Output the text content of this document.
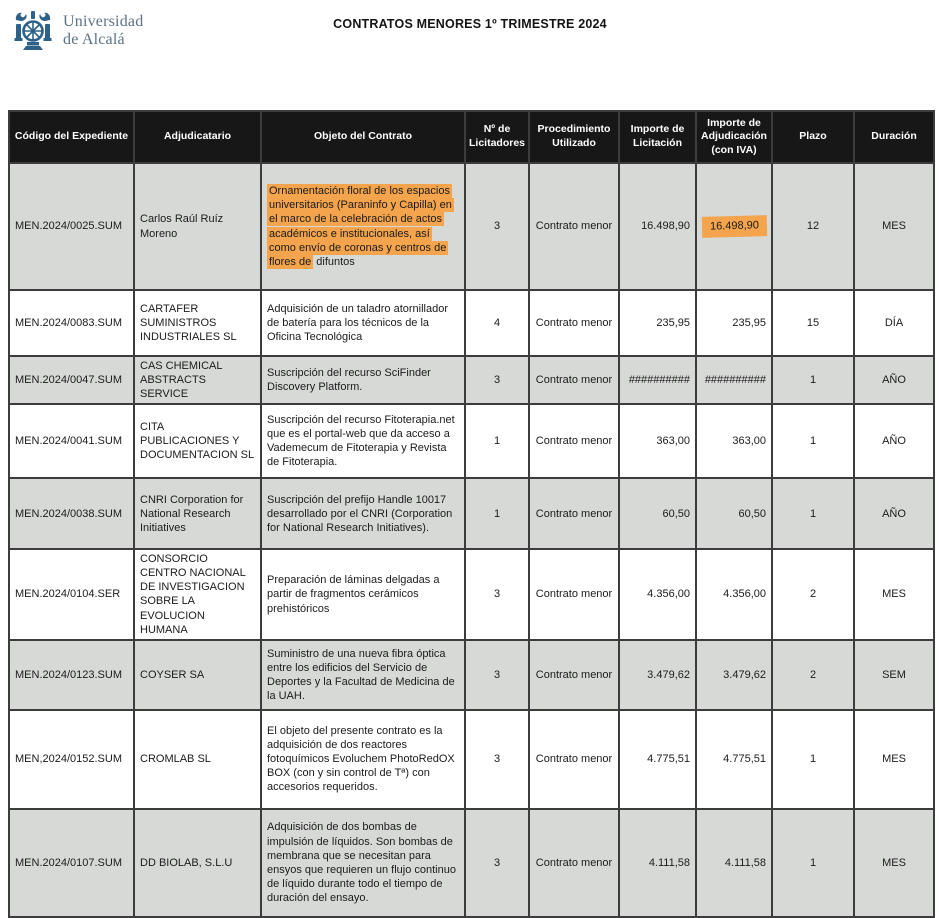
Universidad
de Alcalá
CONTRATOS MENORES 1º TRIMESTRE 2024
Código del Expediente	Adjudicatario	Objeto del Contrato	Nº de Licitadores	Procedimiento Utilizado	Importe de Licitación	Importe de Adjudicación (con IVA)	Plazo	Duración
MEN.2024/0025.SUM	Carlos Raúl Ruíz Moreno	Ornamentación floral de los espacios universitarios (Paraninfo y Capilla) en el marco de la celebración de actos académicos e institucionales, así como envío de coronas y centros de flores de difuntos	3	Contrato menor	16.498,90	16.498,90	12	MES
MEN.2024/0083.SUM	CARTAFER SUMINISTROS INDUSTRIALES SL	Adquisición de un taladro atornillador de batería para los técnicos de la Oficina Tecnológica	4	Contrato menor	235,95	235,95	15	DÍA
MEN.2024/0047.SUM	CAS CHEMICAL ABSTRACTS SERVICE	Suscripción del recurso SciFinder Discovery Platform.	3	Contrato menor	##########	##########	1	AÑO
MEN.2024/0041.SUM	CITA PUBLICACIONES Y DOCUMENTACION SL	Suscripción del recurso Fitoterapia.net que es el portal-web que da acceso a Vademecum de Fitoterapia y Revista de Fitoterapia.	1	Contrato menor	363,00	363,00	1	AÑO
MEN.2024/0038.SUM	CNRI Corporation for National Research Initiatives	Suscripción del prefijo Handle 10017 desarrollado por el CNRI (Corporation for National Research Initiatives).	1	Contrato menor	60,50	60,50	1	AÑO
MEN.2024/0104.SER	CONSORCIO CENTRO NACIONAL DE INVESTIGACION SOBRE LA EVOLUCION HUMANA	Preparación de láminas delgadas a partir de fragmentos cerámicos prehistóricos	3	Contrato menor	4.356,00	4.356,00	2	MES
MEN.2024/0123.SUM	COYSER SA	Suministro de una nueva fibra óptica entre los edificios del Servicio de Deportes y la Facultad de Medicina de la UAH.	3	Contrato menor	3.479,62	3.479,62	2	SEM
MEN,2024/0152.SUM	CROMLAB SL	El objeto del presente contrato es la adquisición de dos reactores fotoquímicos Evoluchem PhotoRedOX BOX (con y sin control de Tª) con accesorios requeridos.	3	Contrato menor	4.775,51	4.775,51	1	MES
MEN.2024/0107.SUM	DD BIOLAB, S.L.U	Adquisición de dos bombas de impulsión de líquidos. Son bombas de membrana que se necesitan para ensyos que requieren un flujo continuo de líquido durante todo el tiempo de duración del ensayo.	3	Contrato menor	4.111,58	4.111,58	1	MES
